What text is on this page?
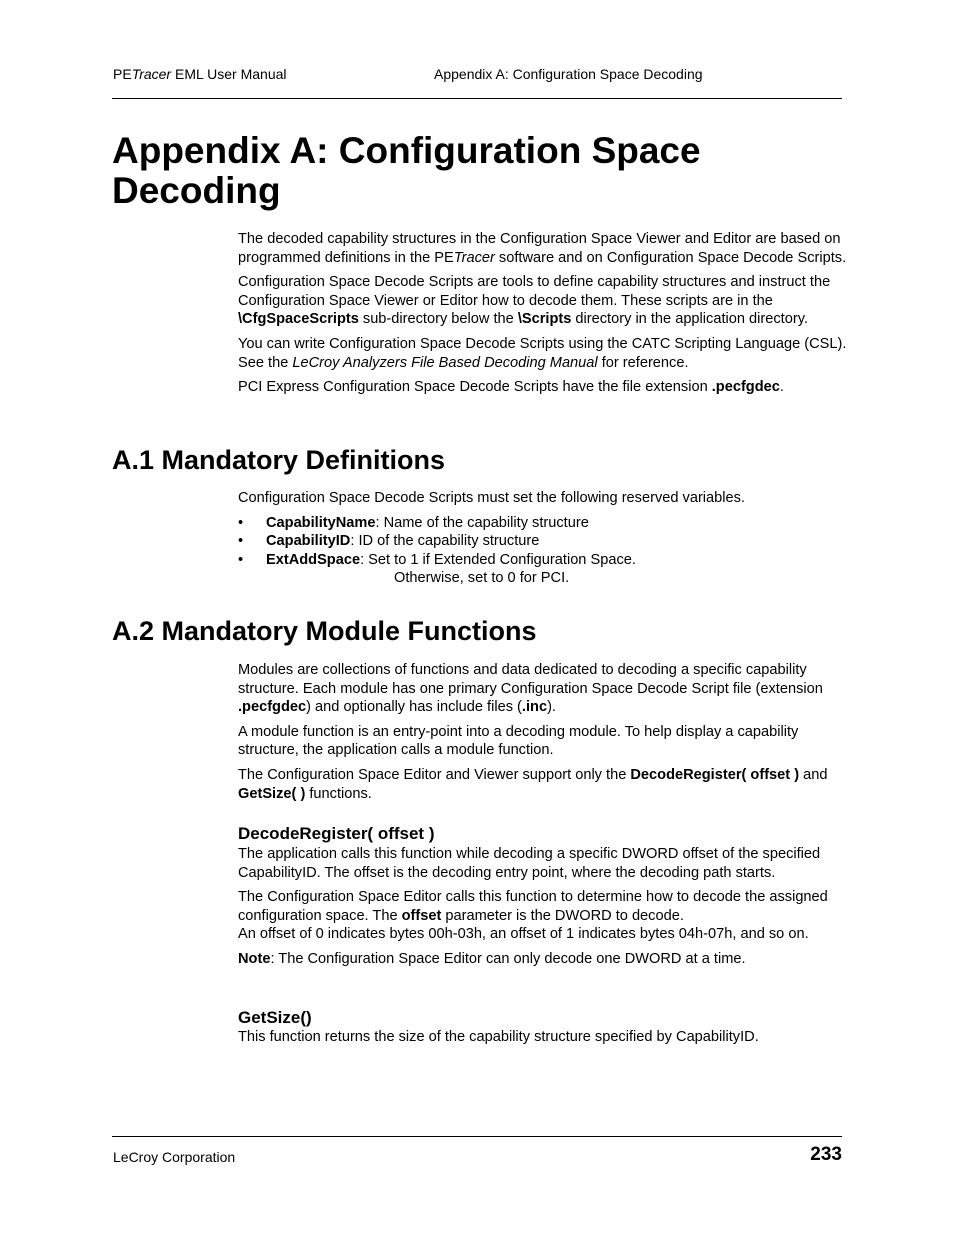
PETracer EML User Manual	Appendix A: Configuration Space Decoding
Appendix A: Configuration Space Decoding

The decoded capability structures in the Configuration Space Viewer and Editor are based on programmed definitions in the PETracer software and on Configuration Space Decode Scripts.

Configuration Space Decode Scripts are tools to define capability structures and instruct the Configuration Space Viewer or Editor how to decode them. These scripts are in the \CfgSpaceScripts sub-directory below the \Scripts directory in the application directory.

You can write Configuration Space Decode Scripts using the CATC Scripting Language (CSL). See the LeCroy Analyzers File Based Decoding Manual for reference.

PCI Express Configuration Space Decode Scripts have the file extension .pecfgdec.

A.1 Mandatory Definitions

Configuration Space Decode Scripts must set the following reserved variables.

• CapabilityName: Name of the capability structure
• CapabilityID: ID of the capability structure
• ExtAddSpace: Set to 1 if Extended Configuration Space.
Otherwise, set to 0 for PCI.
A.2 Mandatory Module Functions

Modules are collections of functions and data dedicated to decoding a specific capability structure. Each module has one primary Configuration Space Decode Script file (extension .pecfgdec) and optionally has include files (.inc).

A module function is an entry-point into a decoding module. To help display a capability structure, the application calls a module function.

The Configuration Space Editor and Viewer support only the DecodeRegister( offset ) and GetSize( ) functions.

DecodeRegister( offset )

The application calls this function while decoding a specific DWORD offset of the specified CapabilityID. The offset is the decoding entry point, where the decoding path starts.

The Configuration Space Editor calls this function to determine how to decode the assigned configuration space. The offset parameter is the DWORD to decode.

An offset of 0 indicates bytes 00h-03h, an offset of 1 indicates bytes 04h-07h, and so on.

Note: The Configuration Space Editor can only decode one DWORD at a time.

GetSize()

This function returns the size of the capability structure specified by CapabilityID.

LeCroy Corporation	233
